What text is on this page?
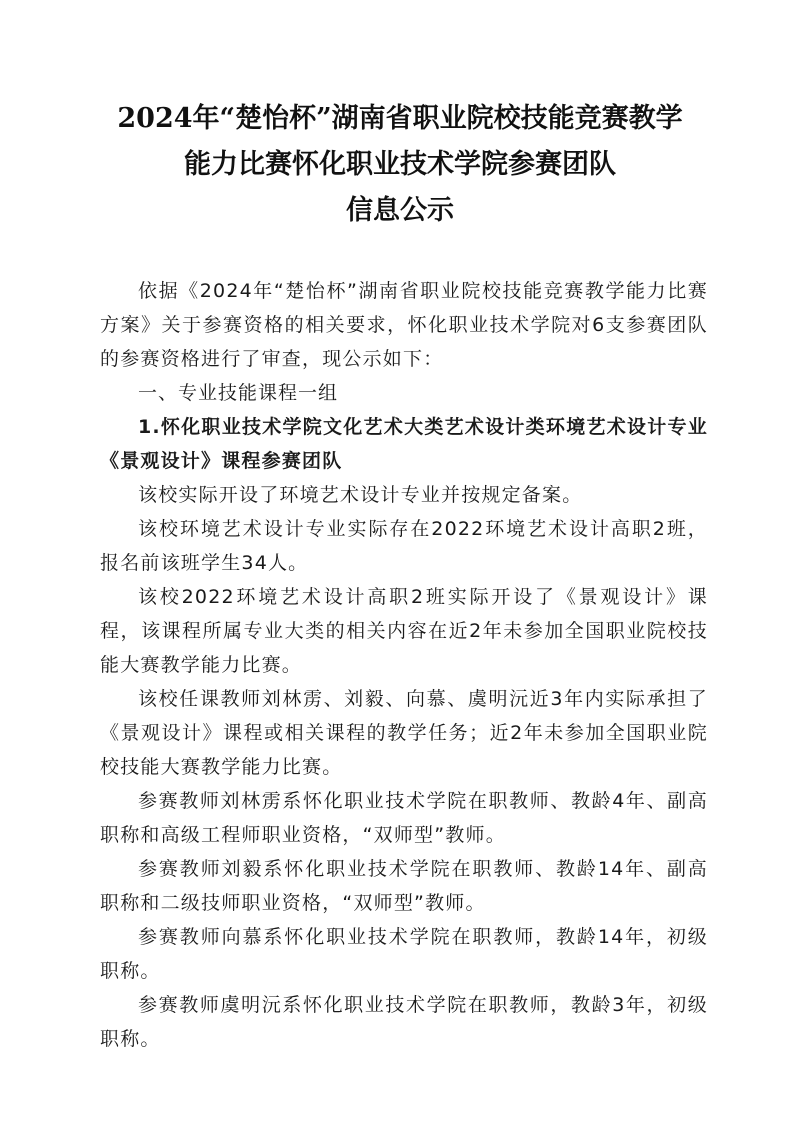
2024年“楚怡杯”湖南省职业院校技能竞赛教学
能力比赛怀化职业技术学院参赛团队
信息公示

依据《2024年“楚怡杯”湖南省职业院校技能竞赛教学能力比赛方案》关于参赛资格的相关要求，怀化职业技术学院对6支参赛团队的参赛资格进行了审查，现公示如下：

一、专业技能课程一组

1.怀化职业技术学院文化艺术大类艺术设计类环境艺术设计专业《景观设计》课程参赛团队

该校实际开设了环境艺术设计专业并按规定备案。

该校环境艺术设计专业实际存在2022环境艺术设计高职2班，报名前该班学生34人。

该校2022环境艺术设计高职2班实际开设了《景观设计》课程，该课程所属专业大类的相关内容在近2年未参加全国职业院校技能大赛教学能力比赛。

该校任课教师刘林雳、刘毅、向慕、虞明沅近3年内实际承担了《景观设计》课程或相关课程的教学任务；近2年未参加全国职业院校技能大赛教学能力比赛。

参赛教师刘林雳系怀化职业技术学院在职教师、教龄4年、副高职称和高级工程师职业资格，“双师型”教师。

参赛教师刘毅系怀化职业技术学院在职教师、教龄14年、副高职称和二级技师职业资格，“双师型”教师。

参赛教师向慕系怀化职业技术学院在职教师，教龄14年，初级职称。

参赛教师虞明沅系怀化职业技术学院在职教师，教龄3年，初级职称。
